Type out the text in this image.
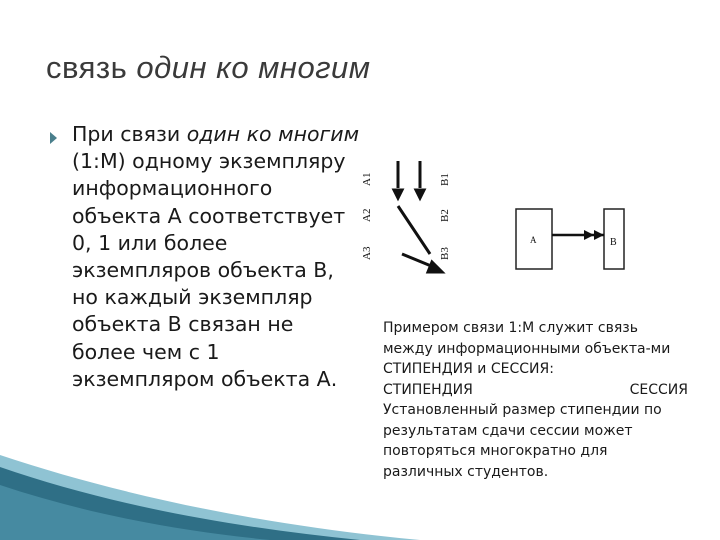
связь один ко многим
При связи один ко многим (1:М) одному экземпляру информационного объекта А соответствует 0, 1 или более экземпляров объекта В, но каждый экземпляр объекта В связан не более чем с 1 экземпляром объекта А.
А1
А2
А3
В1
В2
В3
А	В
Примером связи 1:М служит связь между информационными объекта-ми СТИПЕНДИЯ и СЕССИЯ:
СТИПЕНДИЯ	СЕССИЯ
Установленный размер стипендии по результатам сдачи сессии может повторяться многократно для различных студентов.
